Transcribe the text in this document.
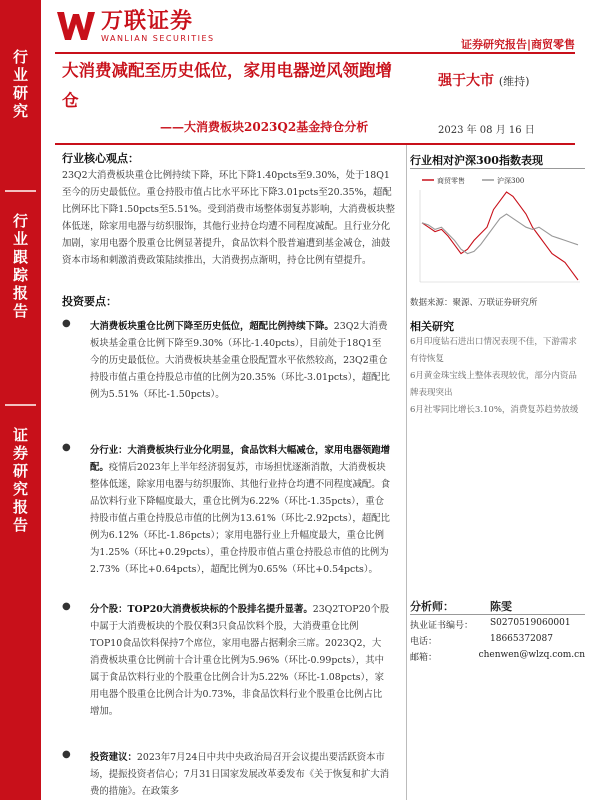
行
业
研
究
行
业
跟
踪
报
告
证
券
研
究
报
告
万联证券
WANLIAN SECURITIES	证券研究报告|商贸零售
大消费减配至历史低位，家用电器逆风领跑增仓
——大消费板块2023Q2基金持仓分析
强于大市 (维持)
2023 年 08 月 16 日
行业核心观点：
23Q2大消费板块重仓比例持续下降，环比下降1.40pcts至9.30%，处于18Q1至今的历史最低位。重仓持股市值占比水平环比下降3.01pcts至20.35%，超配比例环比下降1.50pcts至5.51%。受到消费市场整体弱复苏影响，大消费板块整体低迷，除家用电器与纺织服饰，其他行业持仓均遭不同程度减配。且行业分化加剧，家用电器个股重仓比例显著提升，食品饮料个股普遍遭到基金减仓，油鼓资本市场和刺激消费政策陆续推出，大消费拐点渐明，持仓比例有望提升。
投资要点：
● 大消费板块重仓比例下降至历史低位，超配比例持续下降。23Q2大消费板块基金重仓比例下降至9.30%（环比-1.40pcts），目前处于18Q1至今的历史最低位。大消费板块基金重仓股配置水平依然较高，23Q2重仓持股市值占重仓持股总市值的比例为20.35%（环比-3.01pcts），超配比例为5.51%（环比-1.50pcts）。
● 分行业：大消费板块行业分化明显，食品饮料大幅减仓，家用电器领跑增配。疫情后2023年上半年经济弱复苏，市场担忧逐渐消散，大消费板块整体低迷，除家用电器与纺织服饰、其他行业持仓均遭不同程度减配。食品饮料行业下降幅度最大，重仓比例为6.22%（环比-1.35pcts），重仓持股市值占重仓持股总市值的比例为13.61%（环比-2.92pcts），超配比例为6.12%（环比-1.86pcts）；家用电器行业上升幅度最大，重仓比例为1.25%（环比+0.29pcts），重仓持股市值占重仓持股总市值的比例为2.73%（环比+0.64pcts），超配比例为0.65%（环比+0.54pcts）。
● 分个股：TOP20大消费板块标的个股排名提升显著。23Q2TOP20个股中属于大消费板块的个股仅剩3只食品饮料个股，大消费重仓比例TOP10食品饮料保持7个席位，家用电器占据剩余三席。2023Q2，大消费板块重仓比例前十合计重仓比例为5.96%（环比-0.99pcts），其中属于食品饮料行业的个股重仓比例合计为5.22%（环比-1.08pcts），家用电器个股重仓比例合计为0.73%，非食品饮料行业个股重仓比例占比增加。
● 投资建议：2023年7月24日中共中央政治局召开会议提出要活跃资本市场，提振投资者信心；7月31日国家发展改革委发布《关于恢复和扩大消费的措施》。在政策多
行业相对沪深300指数表现
商贸零售	沪深300
数据来源：聚源、万联证券研究所
相关研究
6月印度钻石进出口情况表现不佳，下游需求有待恢复
6月黄金珠宝线上整体表现较优，部分内资品牌表现突出
6月社零同比增长3.10%，消费复苏趋势放缓
分析师：	陈雯
执业证书编号：	S0270519060001
电话：	18665372087
邮箱：	chenwen@wlzq.com.cn
